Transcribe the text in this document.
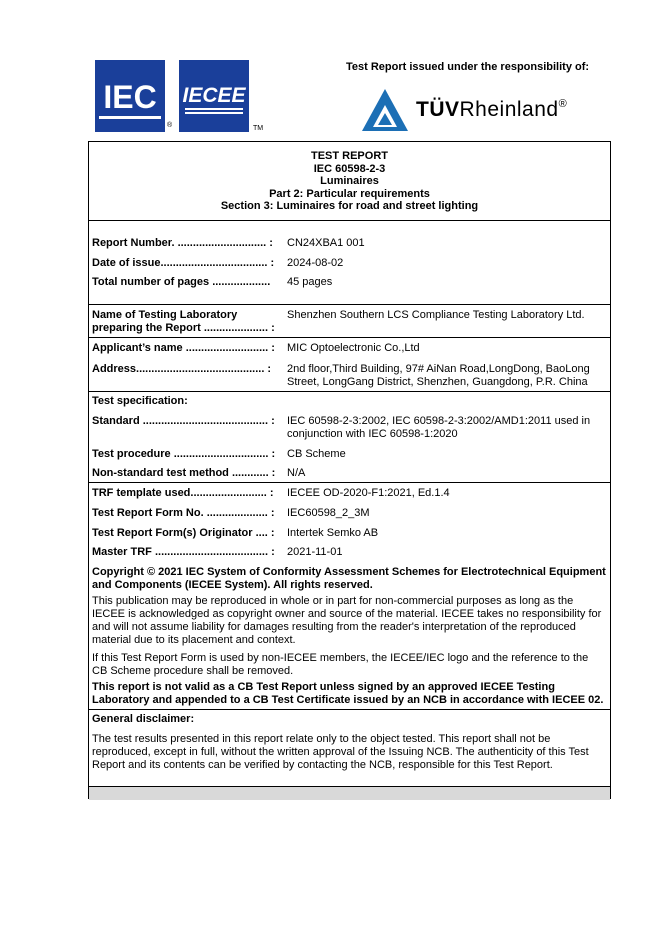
IEC
®
IECEE
TM
Test Report issued under the responsibility of:
TÜVRheinland®
TEST REPORT
IEC 60598-2-3
Luminaires
Part 2: Particular requirements
Section 3: Luminaires for road and street lighting
Report Number. ............................. : CN24XBA1 001
Date of issue................................... : 2024-08-02
Total number of pages ................... 45 pages
Name of Testing Laboratory
preparing the Report ..................... :
Shenzhen Southern LCS Compliance Testing Laboratory Ltd.
Applicant’s name ........................... : MIC Optoelectronic Co.,Ltd
Address.......................................... : 2nd floor,Third Building, 97# AiNan Road,LongDong, BaoLong Street, LongGang District, Shenzhen, Guangdong, P.R. China
Test specification:
Standard ......................................... : IEC 60598-2-3:2002, IEC 60598-2-3:2002/AMD1:2011 used in conjunction with IEC 60598-1:2020
Test procedure ............................... : CB Scheme
Non-standard test method ............ : N/A
TRF template used......................... : IECEE OD-2020-F1:2021, Ed.1.4
Test Report Form No. .................... : IEC60598_2_3M
Test Report Form(s) Originator .... : Intertek Semko AB
Master TRF ..................................... : 2021-11-01
Copyright © 2021 IEC System of Conformity Assessment Schemes for Electrotechnical Equipment and Components (IECEE System). All rights reserved.
This publication may be reproduced in whole or in part for non-commercial purposes as long as the IECEE is acknowledged as copyright owner and source of the material. IECEE takes no responsibility for and will not assume liability for damages resulting from the reader's interpretation of the reproduced material due to its placement and context.
If this Test Report Form is used by non-IECEE members, the IECEE/IEC logo and the reference to the CB Scheme procedure shall be removed.
This report is not valid as a CB Test Report unless signed by an approved IECEE Testing Laboratory and appended to a CB Test Certificate issued by an NCB in accordance with IECEE 02.
General disclaimer:
The test results presented in this report relate only to the object tested. This report shall not be reproduced, except in full, without the written approval of the Issuing NCB. The authenticity of this Test Report and its contents can be verified by contacting the NCB, responsible for this Test Report.
